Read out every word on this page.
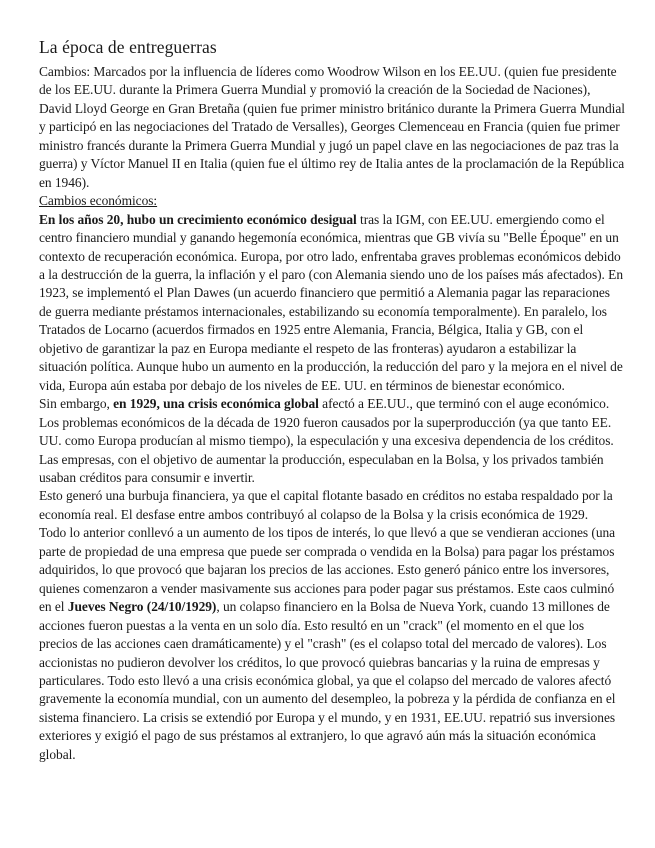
La época de entreguerras

Cambios: Marcados por la influencia de líderes como Woodrow Wilson en los EE.UU. (quien fue presidente de los EE.UU. durante la Primera Guerra Mundial y promovió la creación de la Sociedad de Naciones), David Lloyd George en Gran Bretaña (quien fue primer ministro británico durante la Primera Guerra Mundial y participó en las negociaciones del Tratado de Versalles), Georges Clemenceau en Francia (quien fue primer ministro francés durante la Primera Guerra Mundial y jugó un papel clave en las negociaciones de paz tras la guerra) y Víctor Manuel II en Italia (quien fue el último rey de Italia antes de la proclamación de la República en 1946).

Cambios económicos:

En los años 20, hubo un crecimiento económico desigual tras la IGM, con EE.UU. emergiendo como el centro financiero mundial y ganando hegemonía económica, mientras que GB vivía su "Belle Époque" en un contexto de recuperación económica. Europa, por otro lado, enfrentaba graves problemas económicos debido a la destrucción de la guerra, la inflación y el paro (con Alemania siendo uno de los países más afectados). En 1923, se implementó el Plan Dawes (un acuerdo financiero que permitió a Alemania pagar las reparaciones de guerra mediante préstamos internacionales, estabilizando su economía temporalmente). En paralelo, los Tratados de Locarno (acuerdos firmados en 1925 entre Alemania, Francia, Bélgica, Italia y GB, con el objetivo de garantizar la paz en Europa mediante el respeto de las fronteras) ayudaron a estabilizar la situación política. Aunque hubo un aumento en la producción, la reducción del paro y la mejora en el nivel de vida, Europa aún estaba por debajo de los niveles de EE. UU. en términos de bienestar económico.

Sin embargo, en 1929, una crisis económica global afectó a EE.UU., que terminó con el auge económico. Los problemas económicos de la década de 1920 fueron causados por la superproducción (ya que tanto EE. UU. como Europa producían al mismo tiempo), la especulación y una excesiva dependencia de los créditos. Las empresas, con el objetivo de aumentar la producción, especulaban en la Bolsa, y los privados también usaban créditos para consumir e invertir.

Esto generó una burbuja financiera, ya que el capital flotante basado en créditos no estaba respaldado por la economía real. El desfase entre ambos contribuyó al colapso de la Bolsa y la crisis económica de 1929.

Todo lo anterior conllevó a un aumento de los tipos de interés, lo que llevó a que se vendieran acciones (una parte de propiedad de una empresa que puede ser comprada o vendida en la Bolsa) para pagar los préstamos adquiridos, lo que provocó que bajaran los precios de las acciones. Esto generó pánico entre los inversores, quienes comenzaron a vender masivamente sus acciones para poder pagar sus préstamos. Este caos culminó en el Jueves Negro (24/10/1929), un colapso financiero en la Bolsa de Nueva York, cuando 13 millones de acciones fueron puestas a la venta en un solo día. Esto resultó en un "crack" (el momento en el que los precios de las acciones caen dramáticamente) y el "crash" (es el colapso total del mercado de valores). Los accionistas no pudieron devolver los créditos, lo que provocó quiebras bancarias y la ruina de empresas y particulares. Todo esto llevó a una crisis económica global, ya que el colapso del mercado de valores afectó gravemente la economía mundial, con un aumento del desempleo, la pobreza y la pérdida de confianza en el sistema financiero. La crisis se extendió por Europa y el mundo, y en 1931, EE.UU. repatrió sus inversiones exteriores y exigió el pago de sus préstamos al extranjero, lo que agravó aún más la situación económica global.
